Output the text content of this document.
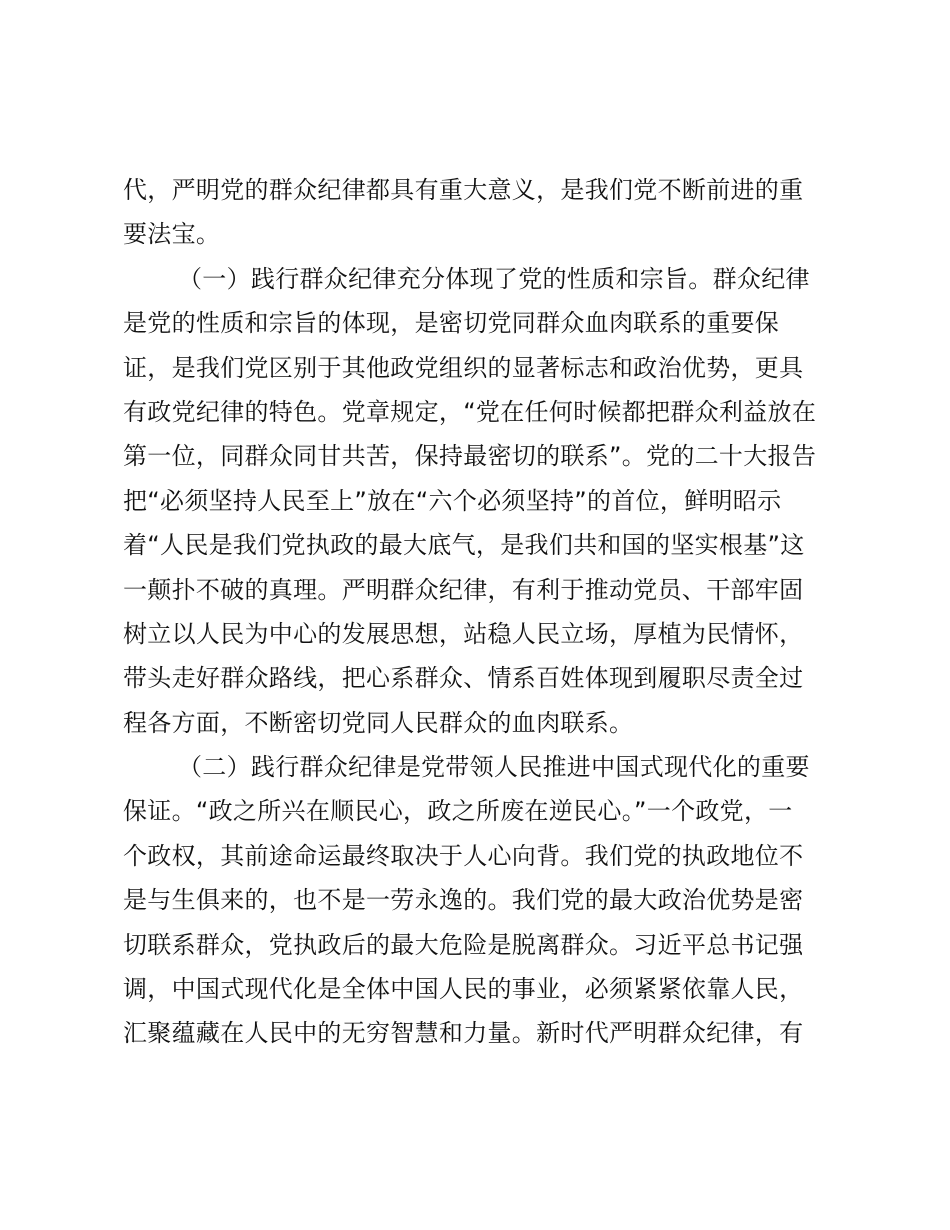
代，严明党的群众纪律都具有重大意义，是我们党不断前进的重
要法宝。
（一）践行群众纪律充分体现了党的性质和宗旨。群众纪律
是党的性质和宗旨的体现，是密切党同群众血肉联系的重要保
证，是我们党区别于其他政党组织的显著标志和政治优势，更具
有政党纪律的特色。党章规定，“党在任何时候都把群众利益放在
第一位，同群众同甘共苦，保持最密切的联系”。党的二十大报告
把“必须坚持人民至上”放在“六个必须坚持”的首位，鲜明昭示
着“人民是我们党执政的最大底气，是我们共和国的坚实根基”这
一颠扑不破的真理。严明群众纪律，有利于推动党员、干部牢固
树立以人民为中心的发展思想，站稳人民立场，厚植为民情怀，
带头走好群众路线，把心系群众、情系百姓体现到履职尽责全过
程各方面，不断密切党同人民群众的血肉联系。
（二）践行群众纪律是党带领人民推进中国式现代化的重要
保证。“政之所兴在顺民心，政之所废在逆民心。”一个政党，一
个政权，其前途命运最终取决于人心向背。我们党的执政地位不
是与生俱来的，也不是一劳永逸的。我们党的最大政治优势是密
切联系群众，党执政后的最大危险是脱离群众。习近平总书记强
调，中国式现代化是全体中国人民的事业，必须紧紧依靠人民，
汇聚蕴藏在人民中的无穷智慧和力量。新时代严明群众纪律，有
